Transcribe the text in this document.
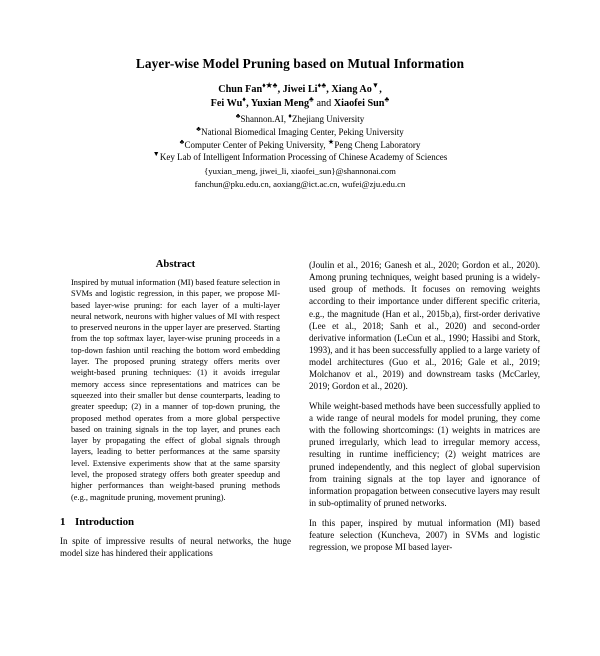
Layer-wise Model Pruning based on Mutual Information
Chun Fan♦★♣, Jiwei Li♦♣, Xiang Ao▼,
Fei Wu♦, Yuxian Meng♣ and Xiaofei Sun♣
♣Shannon.AI, ♦Zhejiang University
♣National Biomedical Imaging Center, Peking University
♣Computer Center of Peking University, ★Peng Cheng Laboratory
▼Key Lab of Intelligent Information Processing of Chinese Academy of Sciences
{yuxian_meng, jiwei_li, xiaofei_sun}@shannonai.com
fanchun@pku.edu.cn, aoxiang@ict.ac.cn, wufei@zju.edu.cn
Abstract

Inspired by mutual information (MI) based feature selection in SVMs and logistic regression, in this paper, we propose MI-based layer-wise pruning: for each layer of a multi-layer neural network, neurons with higher values of MI with respect to preserved neurons in the upper layer are preserved. Starting from the top softmax layer, layer-wise pruning proceeds in a top-down fashion until reaching the bottom word embedding layer. The proposed pruning strategy offers merits over weight-based pruning techniques: (1) it avoids irregular memory access since representations and matrices can be squeezed into their smaller but dense counterparts, leading to greater speedup; (2) in a manner of top-down pruning, the proposed method operates from a more global perspective based on training signals in the top layer, and prunes each layer by propagating the effect of global signals through layers, leading to better performances at the same sparsity level. Extensive experiments show that at the same sparsity level, the proposed strategy offers both greater speedup and higher performances than weight-based pruning methods (e.g., magnitude pruning, movement pruning).

1 Introduction

In spite of impressive results of neural networks, the huge model size has hindered their applications

(Joulin et al., 2016; Ganesh et al., 2020; Gordon et al., 2020). Among pruning techniques, weight based pruning is a widely-used group of methods. It focuses on removing weights according to their importance under different specific criteria, e.g., the magnitude (Han et al., 2015b,a), first-order derivative (Lee et al., 2018; Sanh et al., 2020) and second-order derivative information (LeCun et al., 1990; Hassibi and Stork, 1993), and it has been successfully applied to a large variety of model architectures (Guo et al., 2016; Gale et al., 2019; Molchanov et al., 2019) and downstream tasks (McCarley, 2019; Gordon et al., 2020).

While weight-based methods have been successfully applied to a wide range of neural models for model pruning, they come with the following shortcomings: (1) weights in matrices are pruned irregularly, which lead to irregular memory access, resulting in runtime inefficiency; (2) weight matrices are pruned independently, and this neglect of global supervision from training signals at the top layer and ignorance of information propagation between consecutive layers may result in sub-optimality of pruned networks.

In this paper, inspired by mutual information (MI) based feature selection (Kuncheva, 2007) in SVMs and logistic regression, we propose MI based layer-
